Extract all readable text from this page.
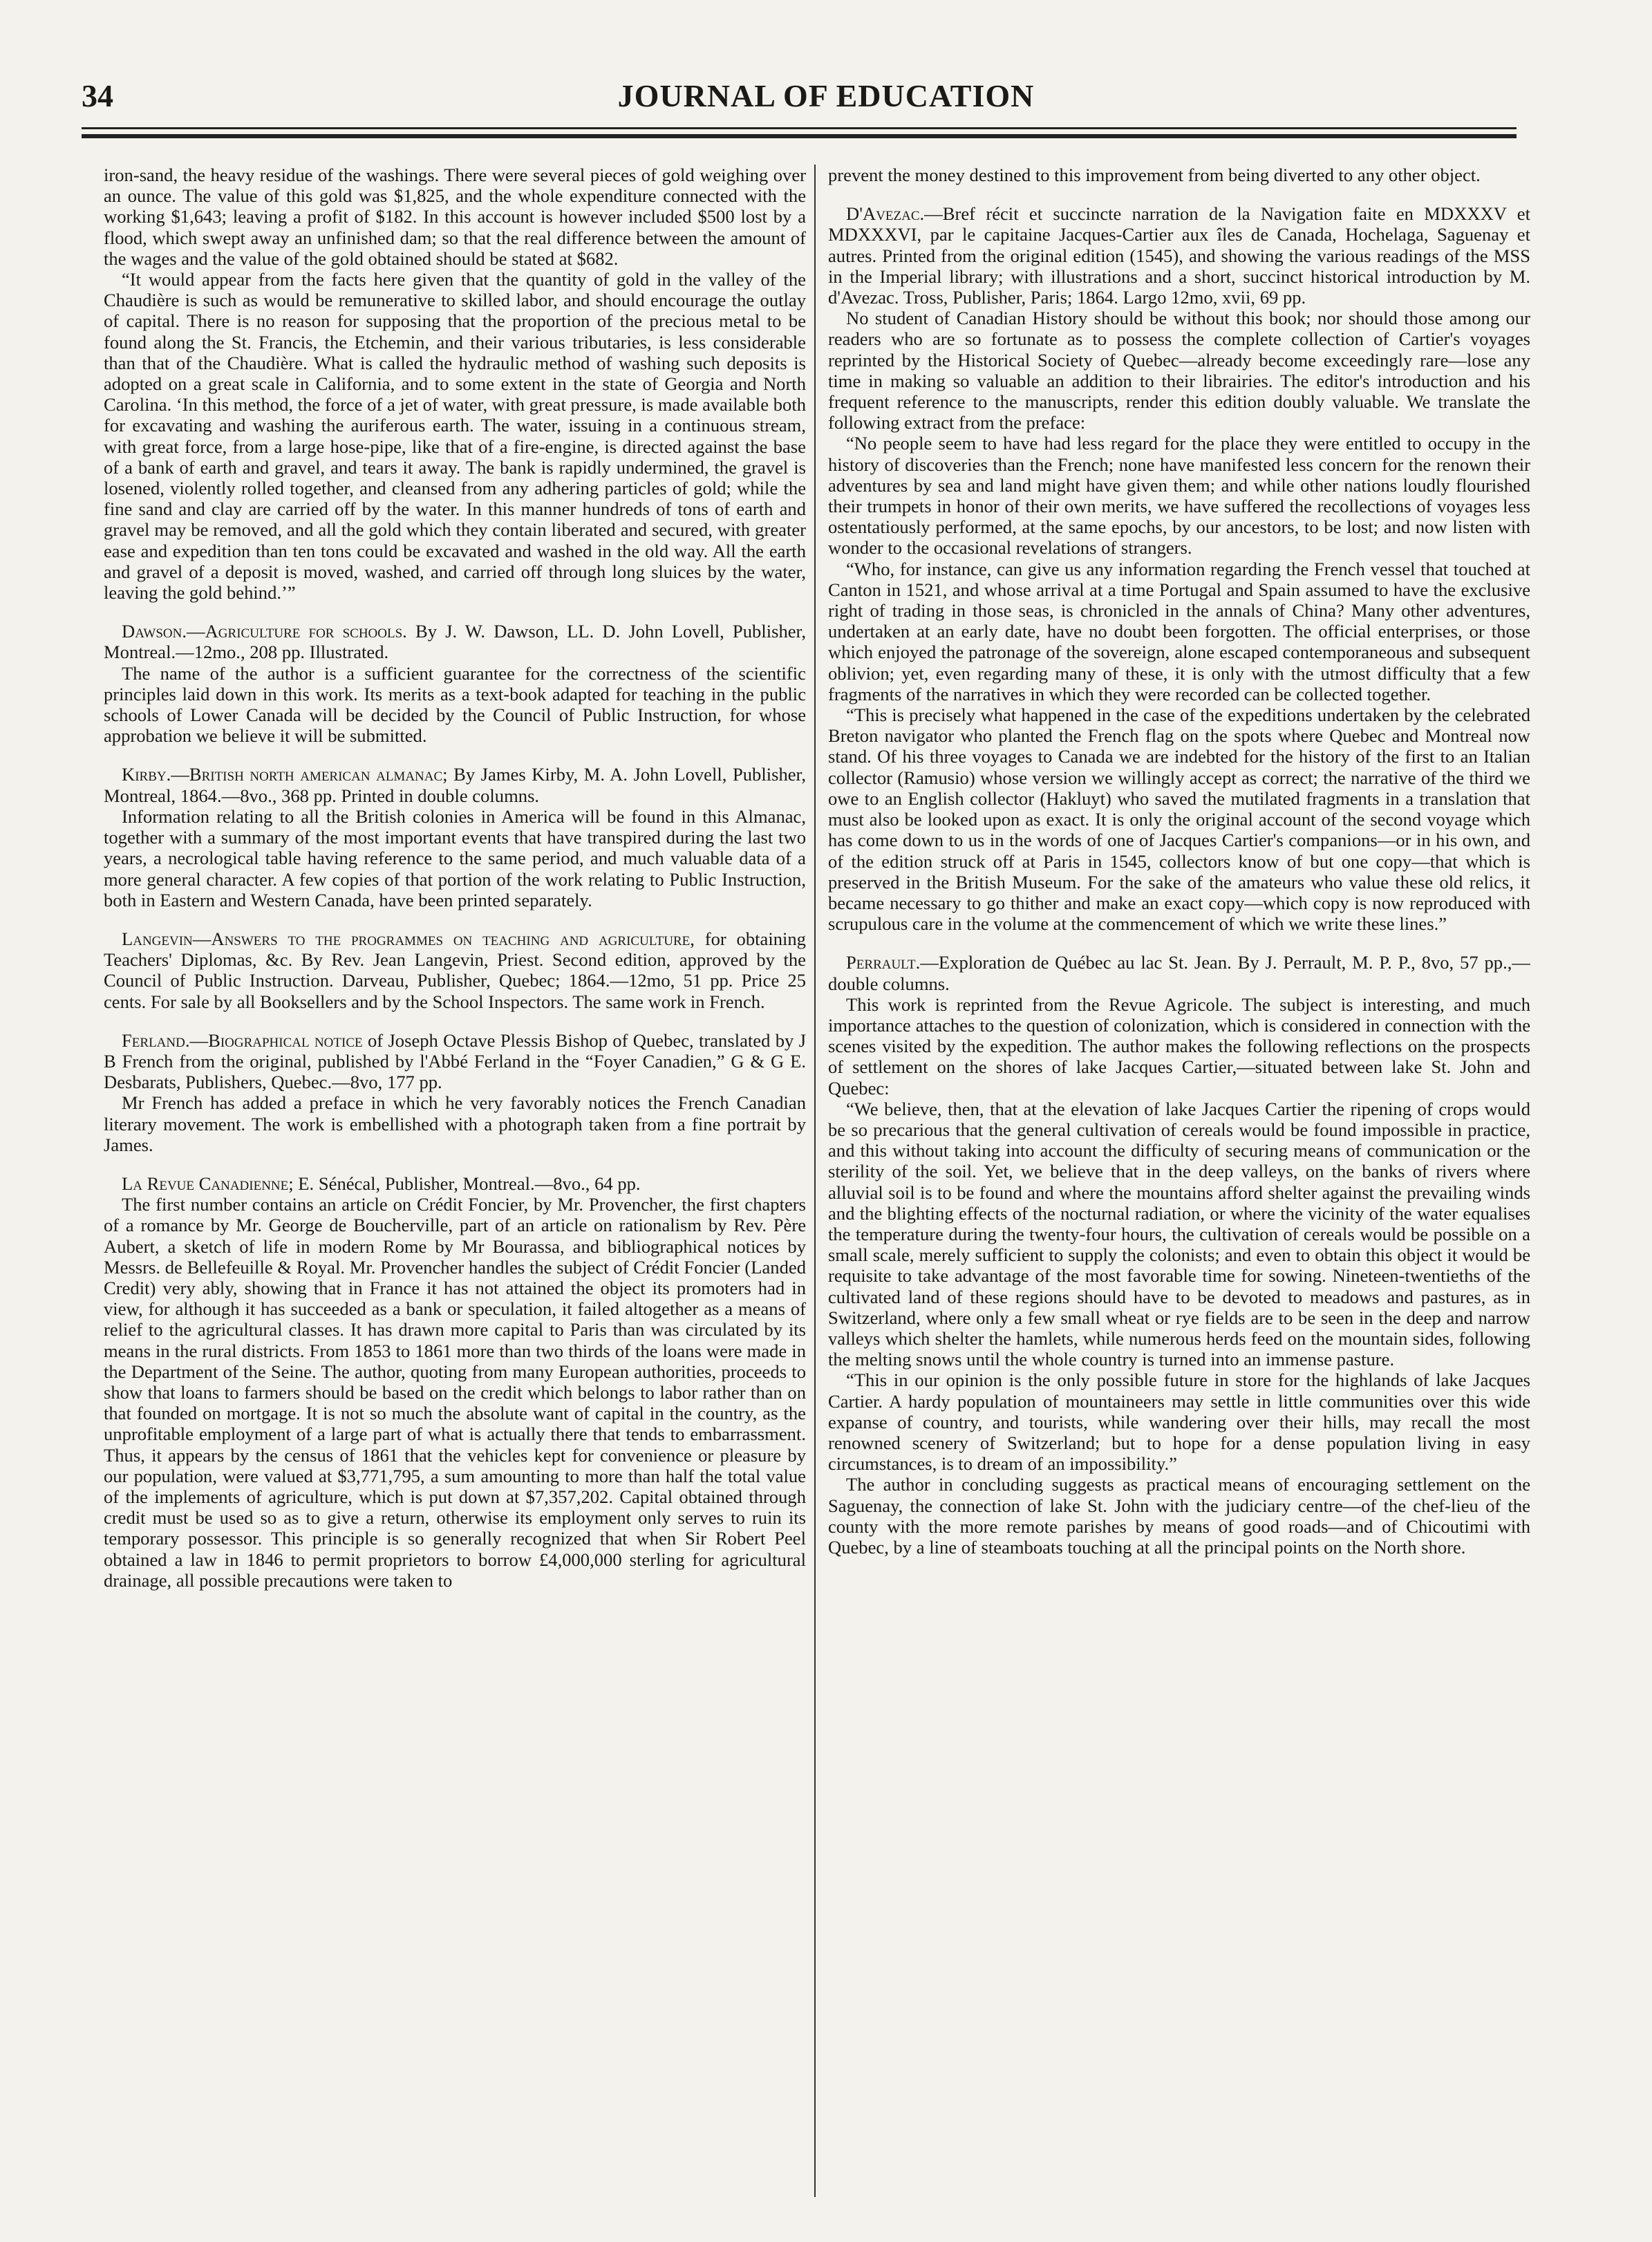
34	JOURNAL OF EDUCATION

iron-sand, the heavy residue of the washings. There were several pieces of gold weighing over an ounce. The value of this gold was $1,825, and the whole expenditure connected with the working $1,643; leaving a profit of $182. In this account is however included $500 lost by a flood, which swept away an unfinished dam; so that the real difference between the amount of the wages and the value of the gold obtained should be stated at $682.

“It would appear from the facts here given that the quantity of gold in the valley of the Chaudière is such as would be remunerative to skilled labor, and should encourage the outlay of capital. There is no reason for supposing that the proportion of the precious metal to be found along the St. Francis, the Etchemin, and their various tributaries, is less considerable than that of the Chaudière. What is called the hydraulic method of washing such deposits is adopted on a great scale in California, and to some extent in the state of Georgia and North Carolina. ‘In this method, the force of a jet of water, with great pressure, is made available both for excavating and washing the auriferous earth. The water, issuing in a continuous stream, with great force, from a large hose-pipe, like that of a fire-engine, is directed against the base of a bank of earth and gravel, and tears it away. The bank is rapidly undermined, the gravel is losened, violently rolled together, and cleansed from any adhering particles of gold; while the fine sand and clay are carried off by the water. In this manner hundreds of tons of earth and gravel may be removed, and all the gold which they contain liberated and secured, with greater ease and expedition than ten tons could be excavated and washed in the old way. All the earth and gravel of a deposit is moved, washed, and carried off through long sluices by the water, leaving the gold behind.’”

Dawson.—Agriculture for schools. By J. W. Dawson, LL. D. John Lovell, Publisher, Montreal.—12mo., 208 pp. Illustrated.

The name of the author is a sufficient guarantee for the correctness of the scientific principles laid down in this work. Its merits as a text-book adapted for teaching in the public schools of Lower Canada will be decided by the Council of Public Instruction, for whose approbation we believe it will be submitted.

Kirby.—British north american almanac; By James Kirby, M. A. John Lovell, Publisher, Montreal, 1864.—8vo., 368 pp. Printed in double columns.

Information relating to all the British colonies in America will be found in this Almanac, together with a summary of the most important events that have transpired during the last two years, a necrological table having reference to the same period, and much valuable data of a more general character. A few copies of that portion of the work relating to Public Instruction, both in Eastern and Western Canada, have been printed separately.

Langevin—Answers to the programmes on teaching and agriculture, for obtaining Teachers' Diplomas, &c. By Rev. Jean Langevin, Priest. Second edition, approved by the Council of Public Instruction. Darveau, Publisher, Quebec; 1864.—12mo, 51 pp. Price 25 cents. For sale by all Booksellers and by the School Inspectors. The same work in French.

Ferland.—Biographical notice of Joseph Octave Plessis Bishop of Quebec, translated by J B French from the original, published by l'Abbé Ferland in the “Foyer Canadien,” G & G E. Desbarats, Publishers, Quebec.—8vo, 177 pp.

Mr French has added a preface in which he very favorably notices the French Canadian literary movement. The work is embellished with a photograph taken from a fine portrait by James.

La Revue Canadienne; E. Sénécal, Publisher, Montreal.—8vo., 64 pp.

The first number contains an article on Crédit Foncier, by Mr. Provencher, the first chapters of a romance by Mr. George de Boucherville, part of an article on rationalism by Rev. Père Aubert, a sketch of life in modern Rome by Mr Bourassa, and bibliographical notices by Messrs. de Bellefeuille & Royal. Mr. Provencher handles the subject of Crédit Foncier (Landed Credit) very ably, showing that in France it has not attained the object its promoters had in view, for although it has succeeded as a bank or speculation, it failed altogether as a means of relief to the agricultural classes. It has drawn more capital to Paris than was circulated by its means in the rural districts. From 1853 to 1861 more than two thirds of the loans were made in the Department of the Seine. The author, quoting from many European authorities, proceeds to show that loans to farmers should be based on the credit which belongs to labor rather than on that founded on mortgage. It is not so much the absolute want of capital in the country, as the unprofitable employment of a large part of what is actually there that tends to embarrassment. Thus, it appears by the census of 1861 that the vehicles kept for convenience or pleasure by our population, were valued at $3,771,795, a sum amounting to more than half the total value of the implements of agriculture, which is put down at $7,357,202. Capital obtained through credit must be used so as to give a return, otherwise its employment only serves to ruin its temporary possessor. This principle is so generally recognized that when Sir Robert Peel obtained a law in 1846 to permit proprietors to borrow £4,000,000 sterling for agricultural drainage, all possible precautions were taken to

prevent the money destined to this improvement from being diverted to any other object.

D'Avezac.—Bref récit et succincte narration de la Navigation faite en MDXXXV et MDXXXVI, par le capitaine Jacques-Cartier aux îles de Canada, Hochelaga, Saguenay et autres. Printed from the original edition (1545), and showing the various readings of the MSS in the Imperial library; with illustrations and a short, succinct historical introduction by M. d'Avezac. Tross, Publisher, Paris; 1864. Largo 12mo, xvii, 69 pp.

No student of Canadian History should be without this book; nor should those among our readers who are so fortunate as to possess the complete collection of Cartier's voyages reprinted by the Historical Society of Quebec—already become exceedingly rare—lose any time in making so valuable an addition to their librairies. The editor's introduction and his frequent reference to the manuscripts, render this edition doubly valuable. We translate the following extract from the preface:

“No people seem to have had less regard for the place they were entitled to occupy in the history of discoveries than the French; none have manifested less concern for the renown their adventures by sea and land might have given them; and while other nations loudly flourished their trumpets in honor of their own merits, we have suffered the recollections of voyages less ostentatiously performed, at the same epochs, by our ancestors, to be lost; and now listen with wonder to the occasional revelations of strangers.

“Who, for instance, can give us any information regarding the French vessel that touched at Canton in 1521, and whose arrival at a time Portugal and Spain assumed to have the exclusive right of trading in those seas, is chronicled in the annals of China? Many other adventures, undertaken at an early date, have no doubt been forgotten. The official enterprises, or those which enjoyed the patronage of the sovereign, alone escaped contemporaneous and subsequent oblivion; yet, even regarding many of these, it is only with the utmost difficulty that a few fragments of the narratives in which they were recorded can be collected together.

“This is precisely what happened in the case of the expeditions undertaken by the celebrated Breton navigator who planted the French flag on the spots where Quebec and Montreal now stand. Of his three voyages to Canada we are indebted for the history of the first to an Italian collector (Ramusio) whose version we willingly accept as correct; the narrative of the third we owe to an English collector (Hakluyt) who saved the mutilated fragments in a translation that must also be looked upon as exact. It is only the original account of the second voyage which has come down to us in the words of one of Jacques Cartier's companions—or in his own, and of the edition struck off at Paris in 1545, collectors know of but one copy—that which is preserved in the British Museum. For the sake of the amateurs who value these old relics, it became necessary to go thither and make an exact copy—which copy is now reproduced with scrupulous care in the volume at the commencement of which we write these lines.”

Perrault.—Exploration de Québec au lac St. Jean. By J. Perrault, M. P. P., 8vo, 57 pp.,—double columns.

This work is reprinted from the Revue Agricole. The subject is interesting, and much importance attaches to the question of colonization, which is considered in connection with the scenes visited by the expedition. The author makes the following reflections on the prospects of settlement on the shores of lake Jacques Cartier,—situated between lake St. John and Quebec:

“We believe, then, that at the elevation of lake Jacques Cartier the ripening of crops would be so precarious that the general cultivation of cereals would be found impossible in practice, and this without taking into account the difficulty of securing means of communication or the sterility of the soil. Yet, we believe that in the deep valleys, on the banks of rivers where alluvial soil is to be found and where the mountains afford shelter against the prevailing winds and the blighting effects of the nocturnal radiation, or where the vicinity of the water equalises the temperature during the twenty-four hours, the cultivation of cereals would be possible on a small scale, merely sufficient to supply the colonists; and even to obtain this object it would be requisite to take advantage of the most favorable time for sowing. Nineteen-twentieths of the cultivated land of these regions should have to be devoted to meadows and pastures, as in Switzerland, where only a few small wheat or rye fields are to be seen in the deep and narrow valleys which shelter the hamlets, while numerous herds feed on the mountain sides, following the melting snows until the whole country is turned into an immense pasture.

“This in our opinion is the only possible future in store for the highlands of lake Jacques Cartier. A hardy population of mountaineers may settle in little communities over this wide expanse of country, and tourists, while wandering over their hills, may recall the most renowned scenery of Switzerland; but to hope for a dense population living in easy circumstances, is to dream of an impossibility.”

The author in concluding suggests as practical means of encouraging settlement on the Saguenay, the connection of lake St. John with the judiciary centre—of the chef-lieu of the county with the more remote parishes by means of good roads—and of Chicoutimi with Quebec, by a line of steamboats touching at all the principal points on the North shore.
